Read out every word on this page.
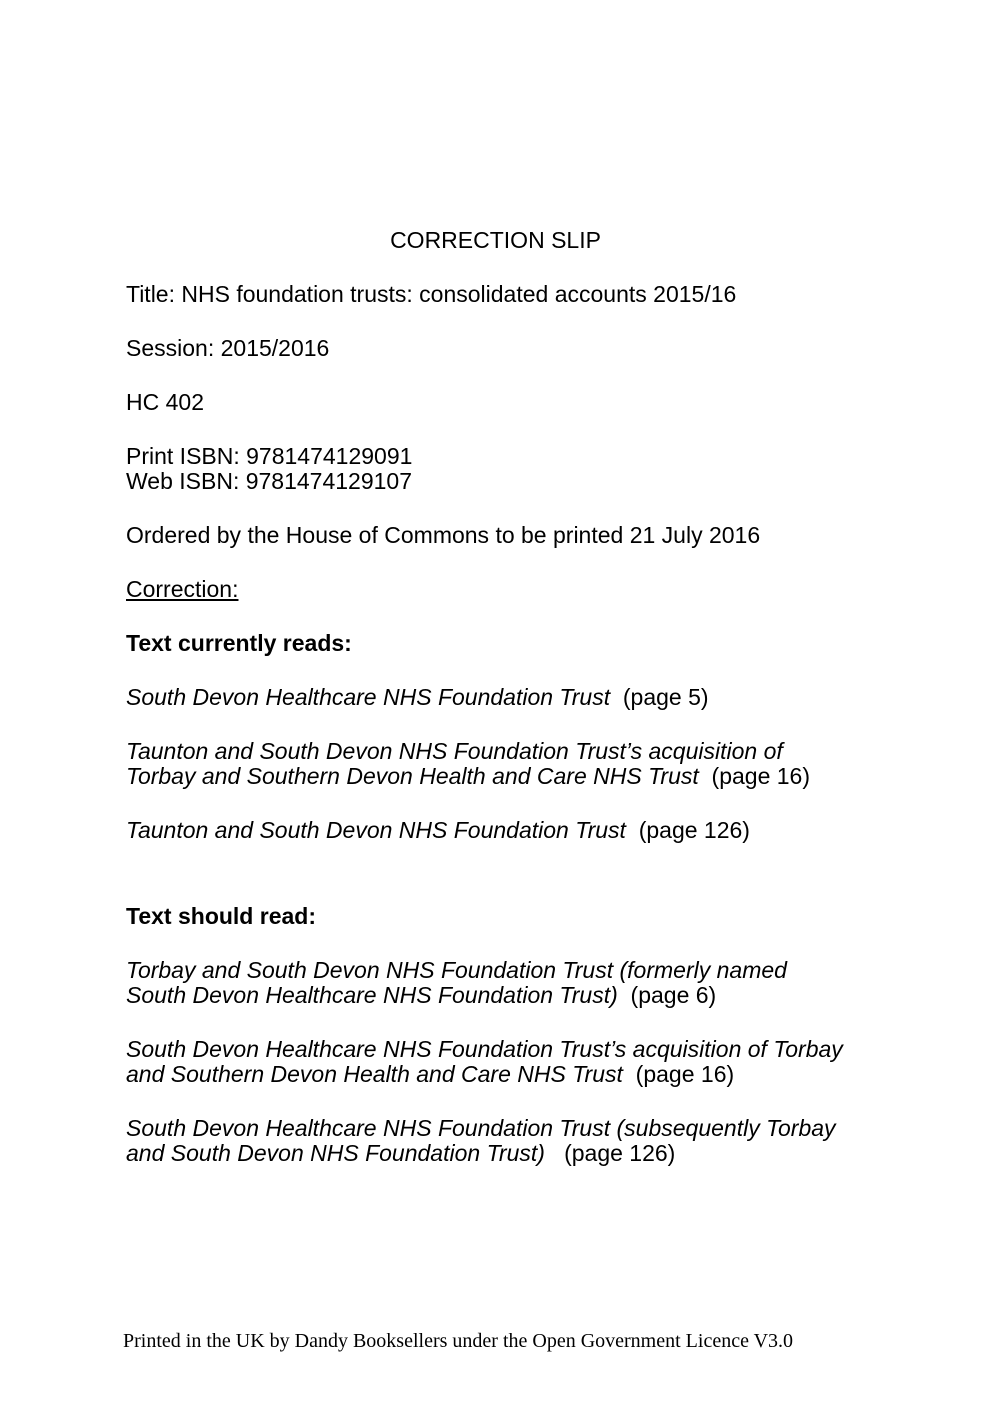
CORRECTION SLIP

Title: NHS foundation trusts: consolidated accounts 2015/16

Session: 2015/2016

HC 402

Print ISBN: 9781474129091
Web ISBN: 9781474129107

Ordered by the House of Commons to be printed 21 July 2016

Correction:

Text currently reads:

South Devon Healthcare NHS Foundation Trust  (page 5)

Taunton and South Devon NHS Foundation Trust’s acquisition of
Torbay and Southern Devon Health and Care NHS Trust  (page 16)

Taunton and South Devon NHS Foundation Trust  (page 126)

Text should read:

Torbay and South Devon NHS Foundation Trust (formerly named
South Devon Healthcare NHS Foundation Trust)  (page 6)

South Devon Healthcare NHS Foundation Trust’s acquisition of Torbay
and Southern Devon Health and Care NHS Trust  (page 16)

South Devon Healthcare NHS Foundation Trust (subsequently Torbay
and South Devon NHS Foundation Trust)   (page 126)

Printed in the UK by Dandy Booksellers under the Open Government Licence V3.0
